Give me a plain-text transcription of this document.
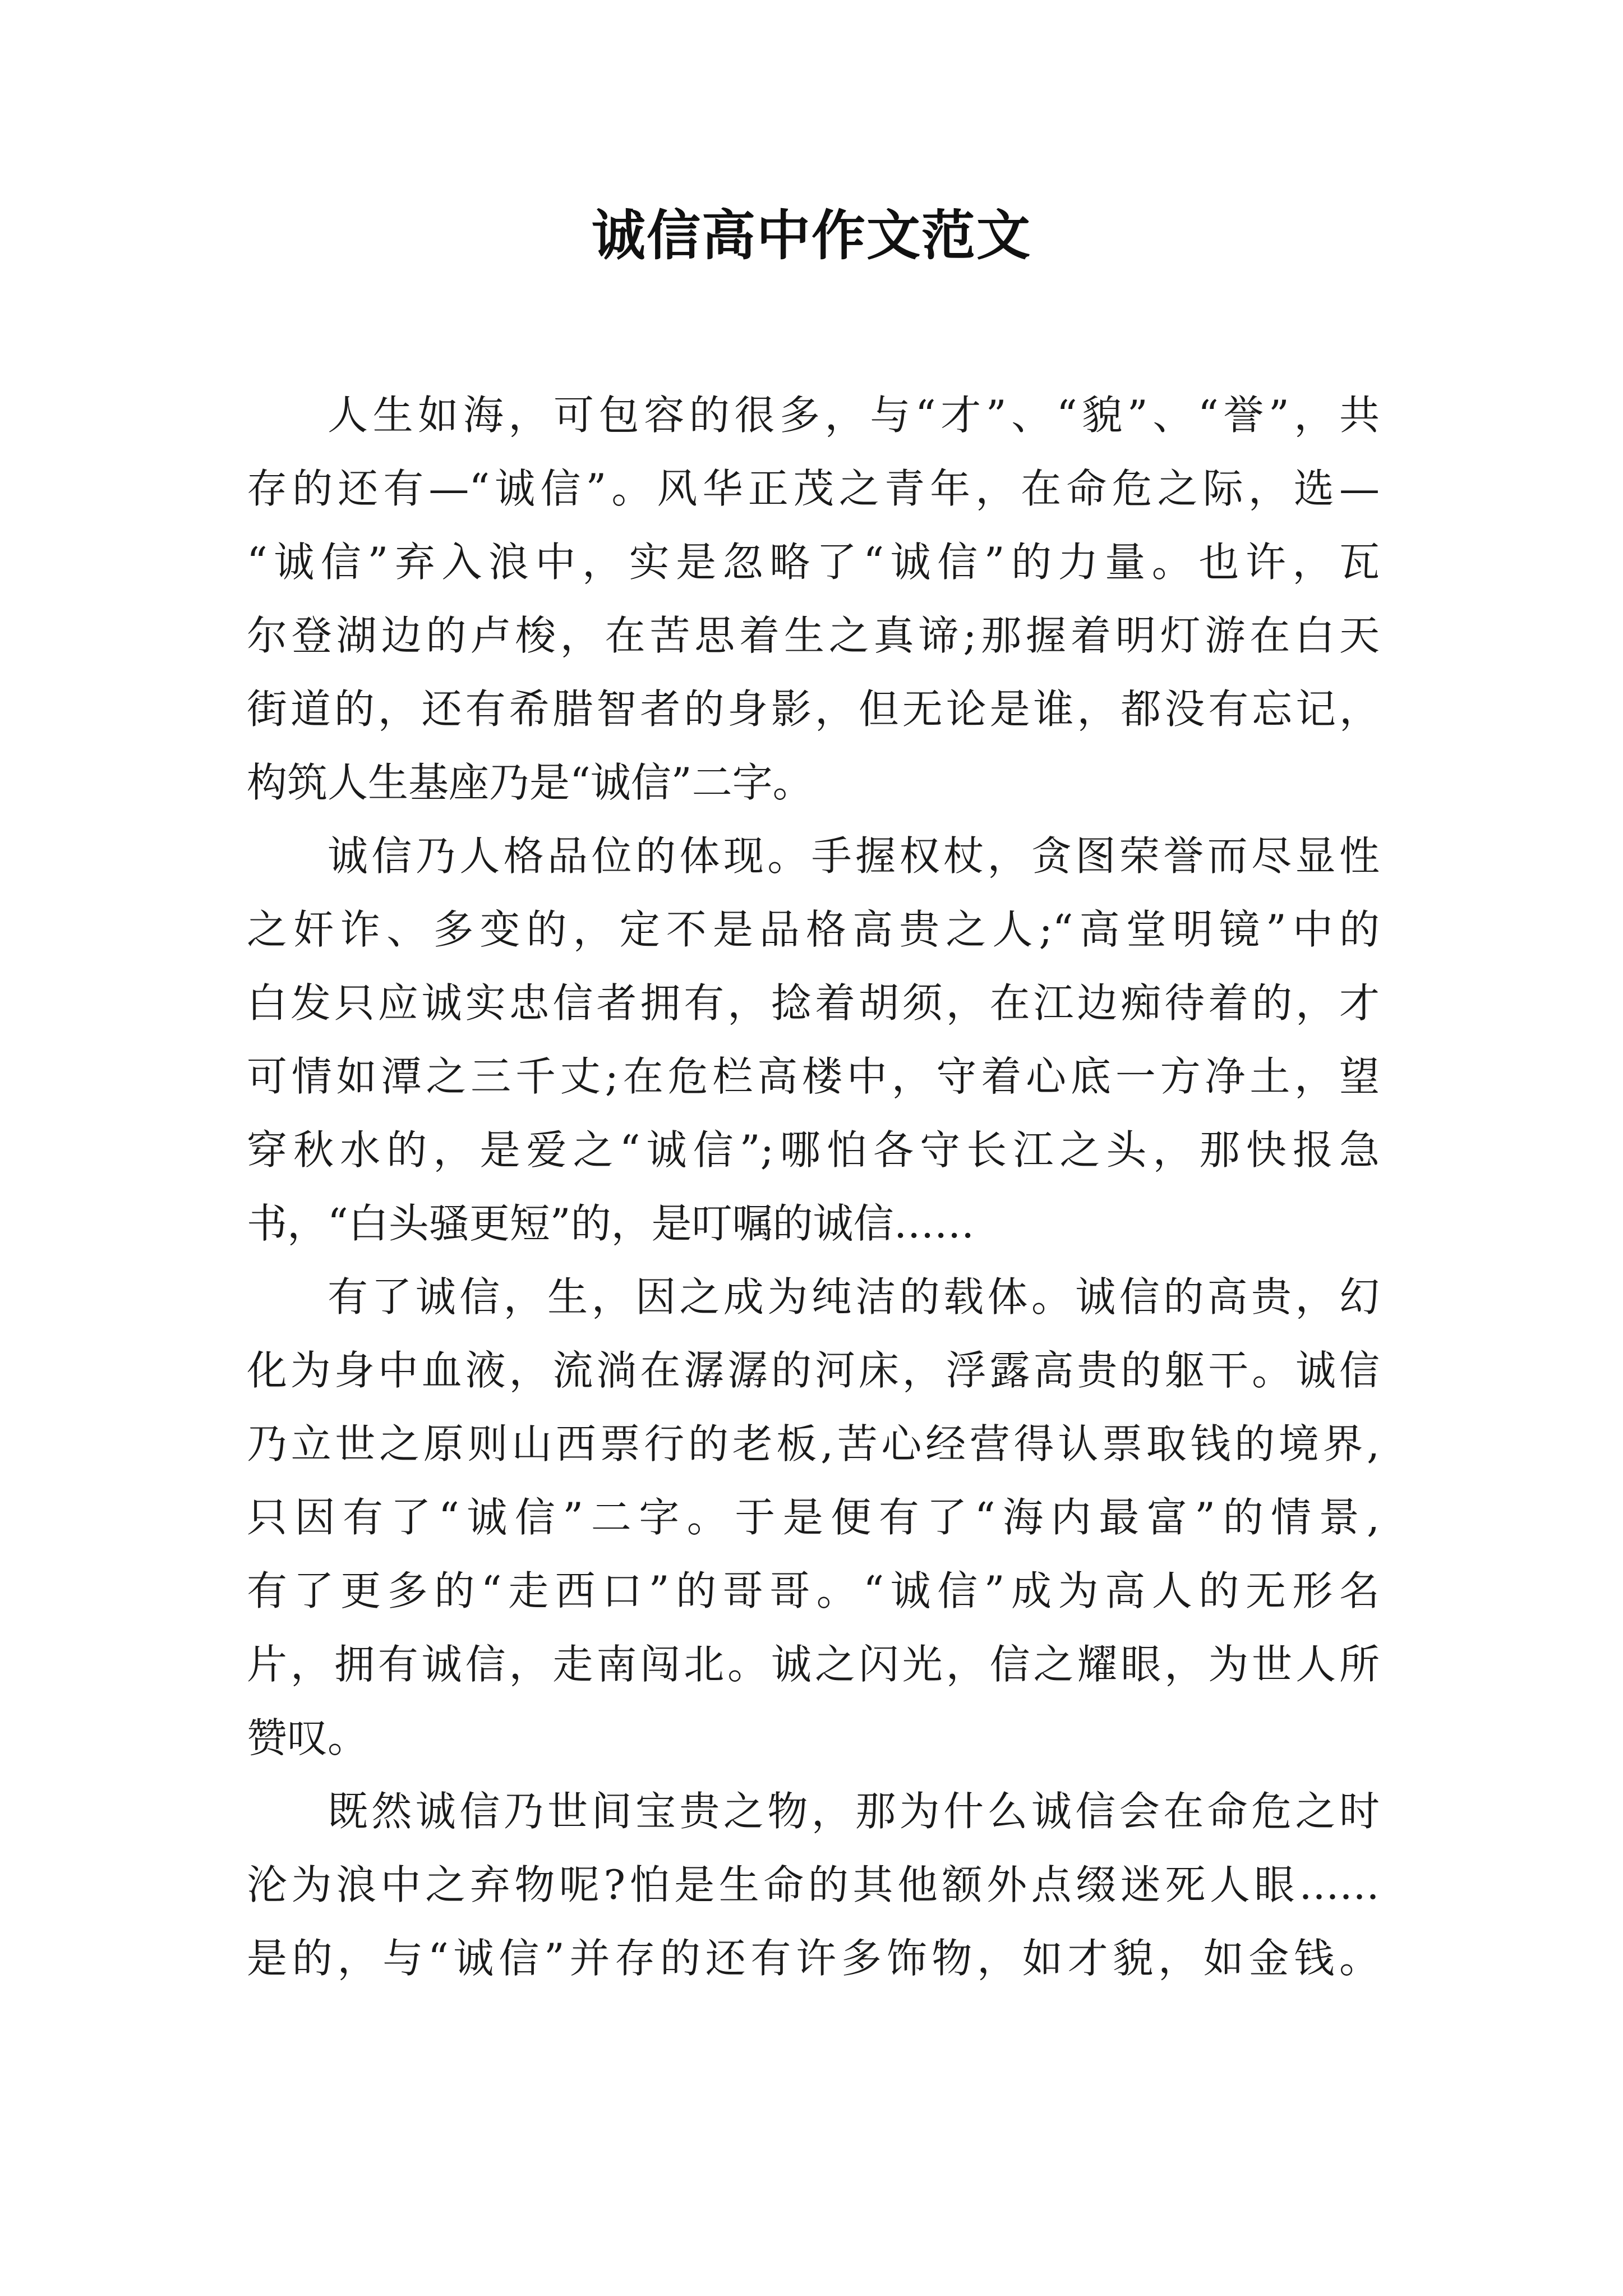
诚信高中作文范文
人生如海，可包容的很多，与“才”、“貌”、“誉”，共
存的还有—“诚信”。风华正茂之青年，在命危之际，选—
“诚信”弃入浪中，实是忽略了“诚信”的力量。也许，瓦
尔登湖边的卢梭，在苦思着生之真谛;那握着明灯游在白天
街道的，还有希腊智者的身影，但无论是谁，都没有忘记，
构筑人生基座乃是“诚信”二字。
诚信乃人格品位的体现。手握权杖，贪图荣誉而尽显性
之奸诈、多变的，定不是品格高贵之人;“高堂明镜”中的
白发只应诚实忠信者拥有，捻着胡须，在江边痴待着的，才
可情如潭之三千丈;在危栏高楼中，守着心底一方净土，望
穿秋水的，是爱之“诚信”;哪怕各守长江之头，那快报急
书，“白头骚更短”的，是叮嘱的诚信……
有了诚信，生，因之成为纯洁的载体。诚信的高贵，幻
化为身中血液，流淌在潺潺的河床，浮露高贵的躯干。诚信
乃立世之原则山西票行的老板,苦心经营得认票取钱的境界,
只因有了“诚信”二字。于是便有了“海内最富”的情景,
有了更多的“走西口”的哥哥。“诚信”成为高人的无形名
片，拥有诚信，走南闯北。诚之闪光，信之耀眼，为世人所
赞叹。
既然诚信乃世间宝贵之物，那为什么诚信会在命危之时
沦为浪中之弃物呢?怕是生命的其他额外点缀迷死人眼……
是的，与“诚信”并存的还有许多饰物，如才貌，如金钱。
